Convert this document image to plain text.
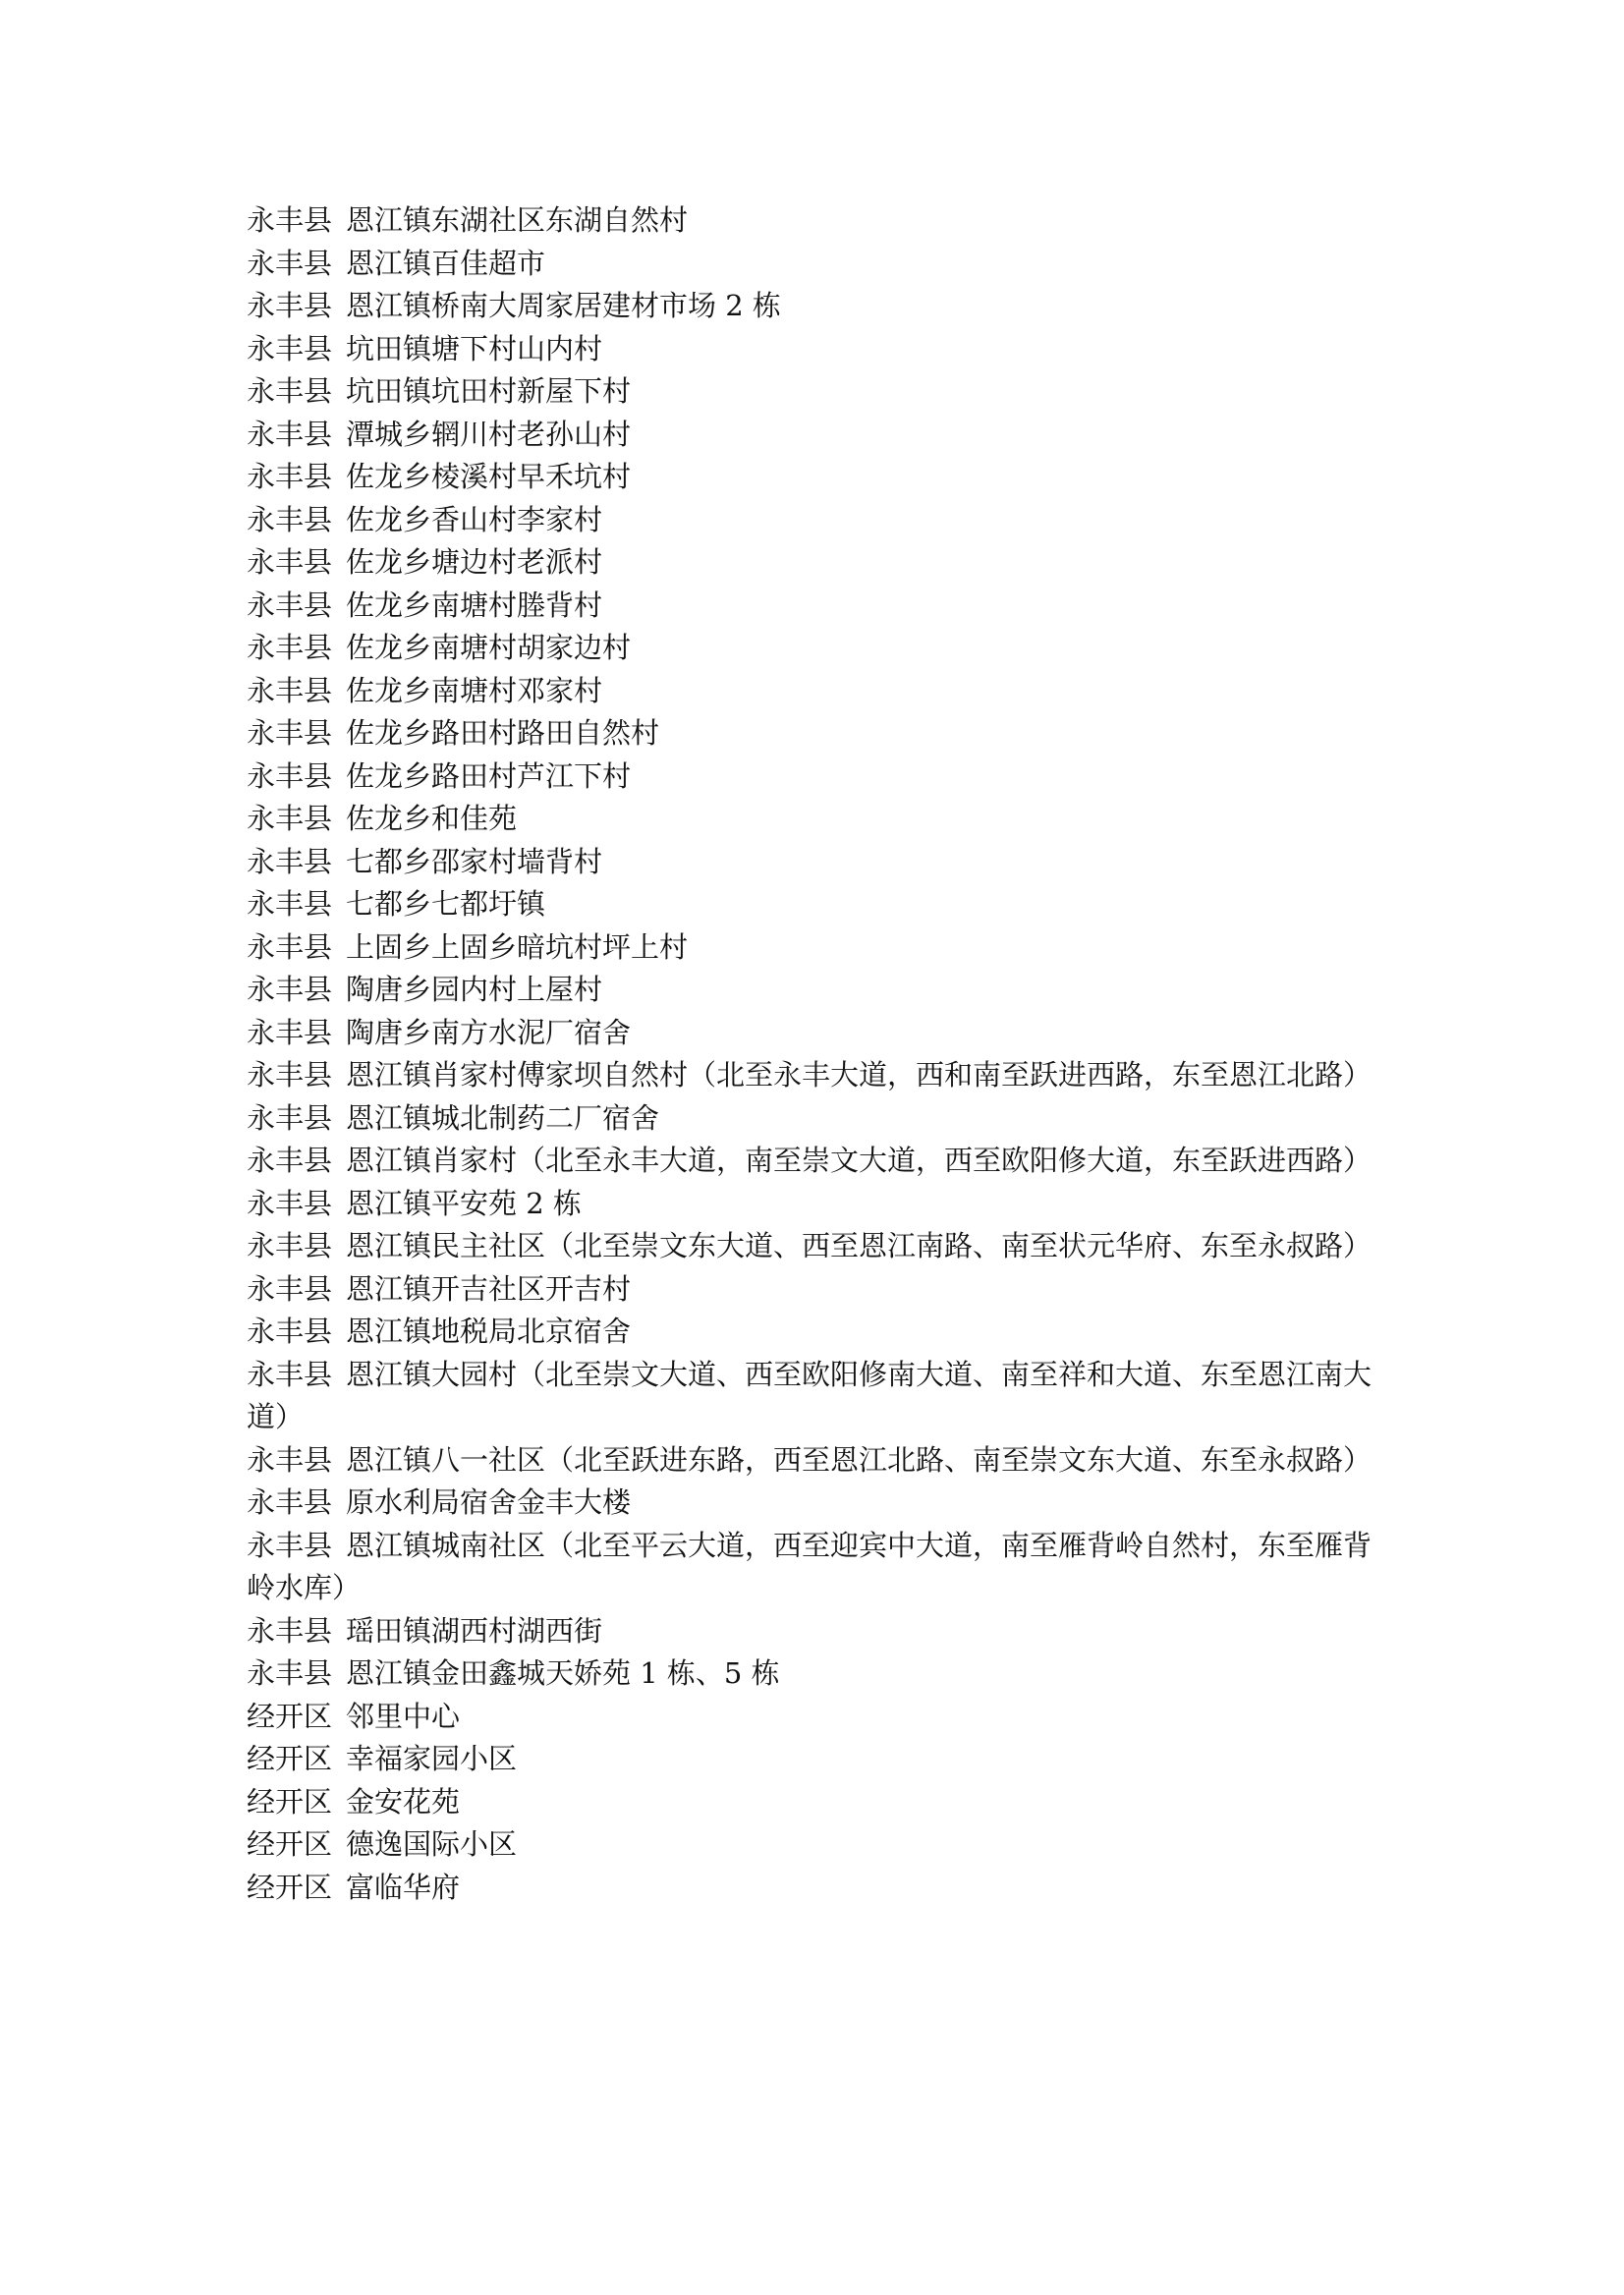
永丰县 恩江镇东湖社区东湖自然村

永丰县 恩江镇百佳超市

永丰县 恩江镇桥南大周家居建材市场 2 栋

永丰县 坑田镇塘下村山内村

永丰县 坑田镇坑田村新屋下村

永丰县 潭城乡辋川村老孙山村

永丰县 佐龙乡棱溪村早禾坑村

永丰县 佐龙乡香山村李家村

永丰县 佐龙乡塘边村老派村

永丰县 佐龙乡南塘村塍背村

永丰县 佐龙乡南塘村胡家边村

永丰县 佐龙乡南塘村邓家村

永丰县 佐龙乡路田村路田自然村

永丰县 佐龙乡路田村芦江下村

永丰县 佐龙乡和佳苑

永丰县 七都乡邵家村墙背村

永丰县 七都乡七都圩镇

永丰县 上固乡上固乡暗坑村坪上村

永丰县 陶唐乡园内村上屋村

永丰县 陶唐乡南方水泥厂宿舍

永丰县 恩江镇肖家村傅家坝自然村（北至永丰大道，西和南至跃进西路，东至恩江北路）

永丰县 恩江镇城北制药二厂宿舍

永丰县 恩江镇肖家村（北至永丰大道，南至崇文大道，西至欧阳修大道，东至跃进西路）

永丰县 恩江镇平安苑 2 栋

永丰县 恩江镇民主社区（北至崇文东大道、西至恩江南路、南至状元华府、东至永叔路）

永丰县 恩江镇开吉社区开吉村

永丰县 恩江镇地税局北京宿舍

永丰县 恩江镇大园村（北至崇文大道、西至欧阳修南大道、南至祥和大道、东至恩江南大道）

永丰县 恩江镇八一社区（北至跃进东路，西至恩江北路、南至崇文东大道、东至永叔路）

永丰县 原水利局宿舍金丰大楼

永丰县 恩江镇城南社区（北至平云大道，西至迎宾中大道，南至雁背岭自然村，东至雁背岭水库）

永丰县 瑶田镇湖西村湖西街

永丰县 恩江镇金田鑫城天娇苑 1 栋、5 栋

经开区 邻里中心

经开区 幸福家园小区

经开区 金安花苑

经开区 德逸国际小区

经开区 富临华府
